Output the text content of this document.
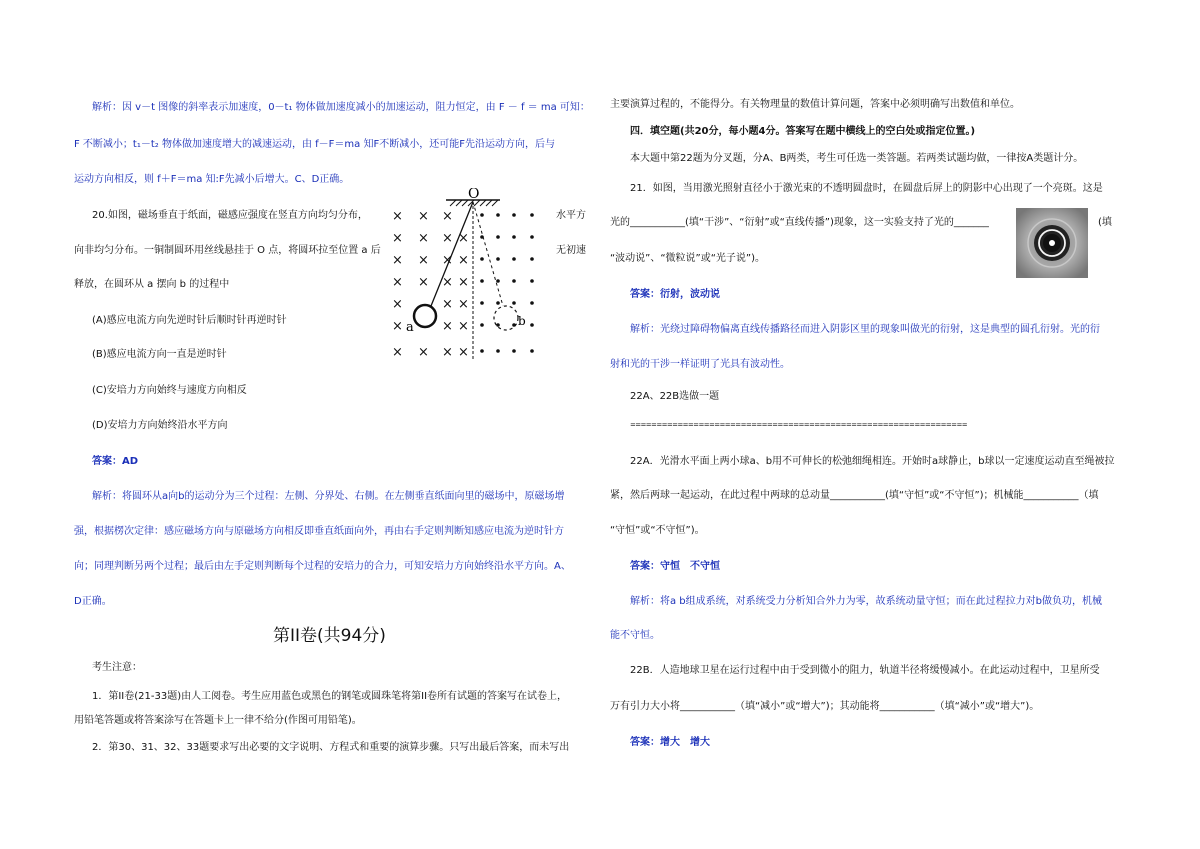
解析：因 v－t 图像的斜率表示加速度，0－t₁ 物体做加速度减小的加速运动，阻力恒定，由 F － f ＝ ma 可知：
F 不断减小；t₁－t₂ 物体做加速度增大的减速运动，由 f－F＝ma 知F不断减小，还可能F先沿运动方向，后与
运动方向相反，则 f＋F＝ma 知:F先减小后增大。C、D正确。
20.如图，磁场垂直于纸面，磁感应强度在竖直方向均匀分布，	水平方
向非均匀分布。一铜制圆环用丝线悬挂于 O 点，将圆环拉至位置 a 后	无初速
释放，在圆环从 a 摆向 b 的过程中
(A)感应电流方向先逆时针后顺时针再逆时针
(B)感应电流方向一直是逆时针
(C)安培力方向始终与速度方向相反
(D)安培力方向始终沿水平方向
答案：AD
解析：将圆环从a向b的运动分为三个过程：左侧、分界处、右侧。在左侧垂直纸面向里的磁场中，原磁场增
强，根据楞次定律：感应磁场方向与原磁场方向相反即垂直纸面向外，再由右手定则判断知感应电流为逆时针方
向；同理判断另两个过程；最后由左手定则判断每个过程的安培力的合力，可知安培力方向始终沿水平方向。A、
D正确。
O
× × ×
× × × ×
× × × ×
× × × ×
×	× ×
×	× ×
× × × ×
a	b
第II卷(共94分)
考生注意：
1．第II卷(21-33题)由人工阅卷。考生应用蓝色或黑色的钢笔或圆珠笔将第II卷所有试题的答案写在试卷上，
用铅笔答题或将答案涂写在答题卡上一律不给分(作图可用铅笔)。
2．第30、31、32、33题要求写出必要的文字说明、方程式和重要的演算步骤。只写出最后答案，而未写出
主要演算过程的，不能得分。有关物理量的数值计算问题，答案中必须明确写出数值和单位。
四．填空题(共20分，每小题4分。答案写在题中横线上的空白处或指定位置。)
本大题中第22题为分叉题，分A、B两类，考生可任选一类答题。若两类试题均做，一律按A类题计分。
21．如图，当用激光照射直径小于激光束的不透明圆盘时，在圆盘后屏上的阴影中心出现了一个亮斑。这是
光的___________(填“干涉”、“衍射”或“直线传播”)现象，这一实验支持了光的_______	(填
“波动说”、“微粒说”或“光子说”)。
答案：衍射，波动说
解析：光绕过障碍物偏离直线传播路径而进入阴影区里的现象叫做光的衍射，这是典型的圆孔衍射。光的衍
射和光的干涉一样证明了光具有波动性。
22A、22B选做一题
================================================================
22A．光滑水平面上两小球a、b用不可伸长的松弛细绳相连。开始时a球静止，b球以一定速度运动直至绳被拉
紧，然后两球一起运动，在此过程中两球的总动量___________(填“守恒”或“不守恒”)；机械能___________（填
“守恒”或“不守恒”)。
答案：守恒　不守恒
解析：将a b组成系统，对系统受力分析知合外力为零，故系统动量守恒；而在此过程拉力对b做负功，机械
能不守恒。
22B．人造地球卫星在运行过程中由于受到微小的阻力，轨道半径将缓慢减小。在此运动过程中，卫星所受
万有引力大小将___________（填“减小”或“增大”)；其动能将___________（填“减小”或“增大”)。
答案：增大　增大
